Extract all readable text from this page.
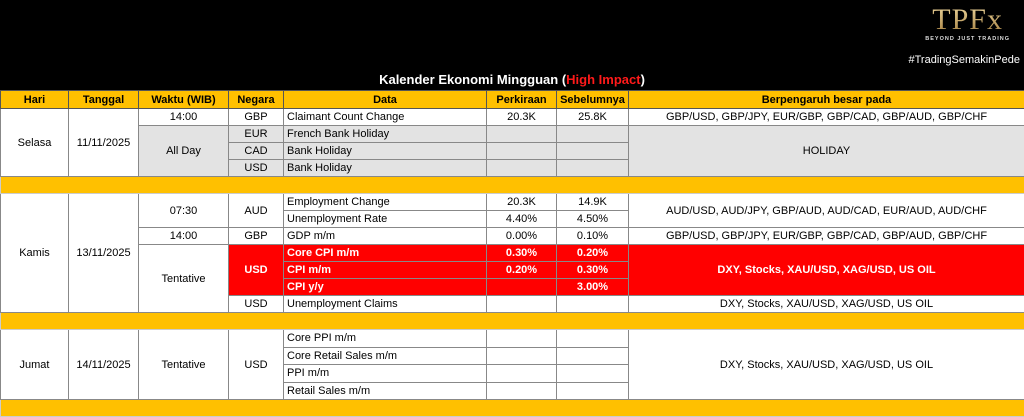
TPFx
BEYOND JUST TRADING
#TradingSemakinPede
Kalender Ekonomi Mingguan (High Impact)
Hari	Tanggal	Waktu (WIB)	Negara	Data	Perkiraan	Sebelumnya	Berpengaruh besar pada
Selasa	11/11/2025	14:00	GBP	Claimant Count Change	20.3K	25.8K	GBP/USD, GBP/JPY, EUR/GBP, GBP/CAD, GBP/AUD, GBP/CHF
		All Day	EUR	French Bank Holiday			HOLIDAY
			CAD	Bank Holiday			
			USD	Bank Holiday			

Kamis	13/11/2025	07:30	AUD	Employment Change	20.3K	14.9K	AUD/USD, AUD/JPY, GBP/AUD, AUD/CAD, EUR/AUD, AUD/CHF
				Unemployment Rate	4.40%	4.50%	
		14:00	GBP	GDP m/m	0.00%	0.10%	GBP/USD, GBP/JPY, EUR/GBP, GBP/CAD, GBP/AUD, GBP/CHF
		Tentative	USD	Core CPI m/m	0.30%	0.20%	DXY, Stocks, XAU/USD, XAG/USD, US OIL
				CPI m/m	0.20%	0.30%	
				CPI y/y		3.00%	
			USD	Unemployment Claims			DXY, Stocks, XAU/USD, XAG/USD, US OIL

Jumat	14/11/2025	Tentative	USD	Core PPI m/m			DXY, Stocks, XAU/USD, XAG/USD, US OIL
				Core Retail Sales m/m			
				PPI m/m			
				Retail Sales m/m			
